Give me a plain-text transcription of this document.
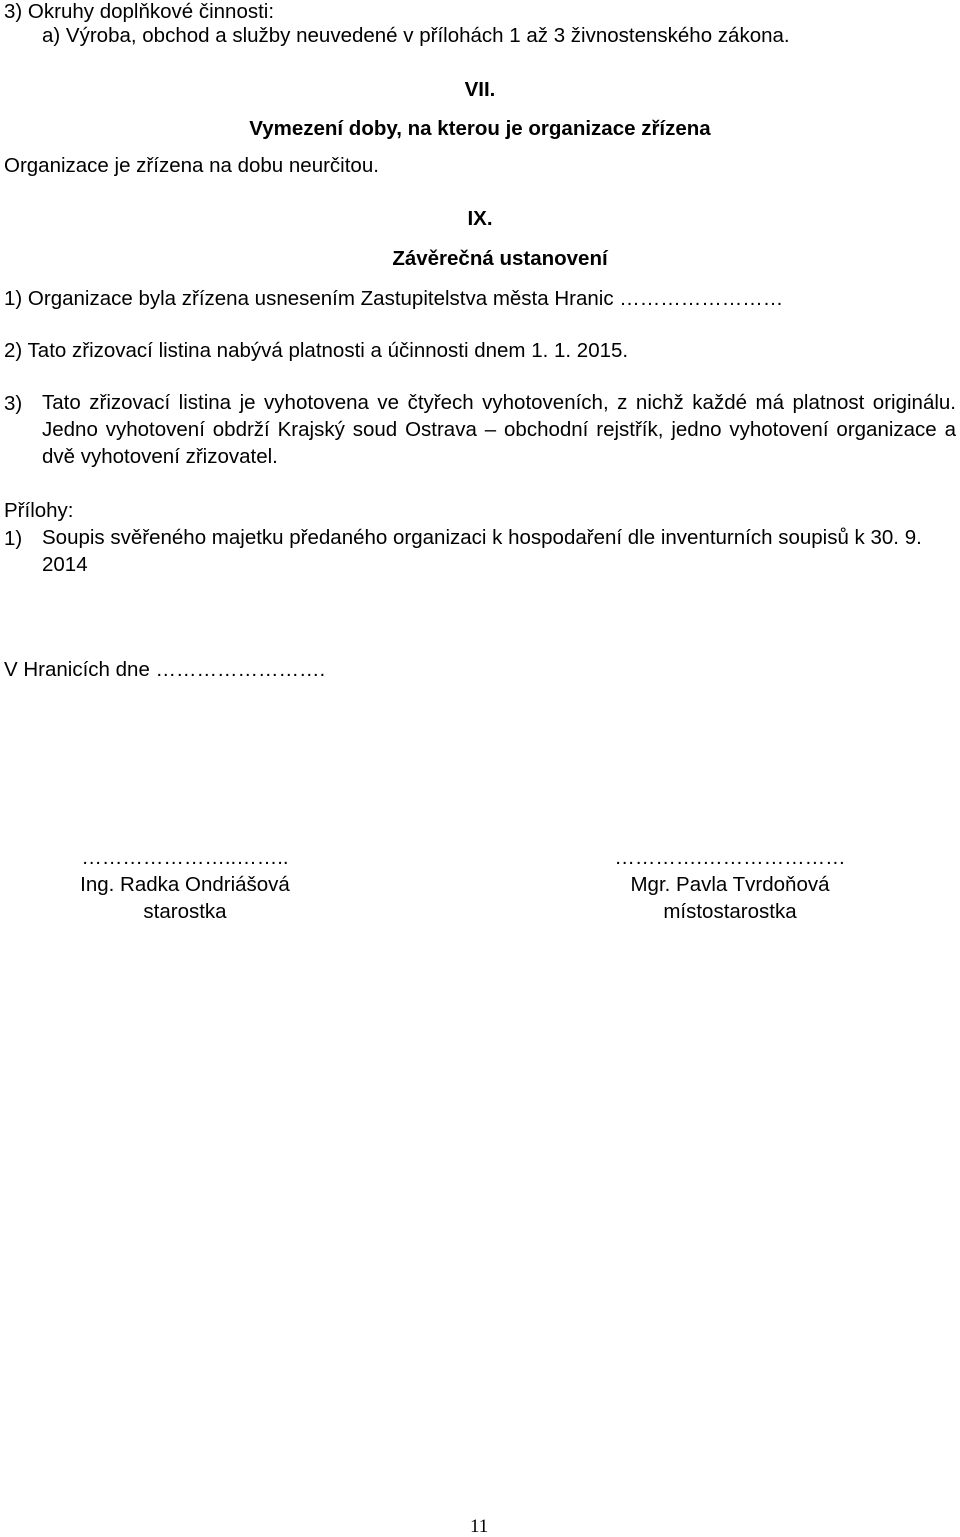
3) Okruhy doplňkové činnosti:
a) Výroba, obchod a služby neuvedené v přílohách 1 až 3 živnostenského zákona.
VII.
Vymezení doby, na kterou je organizace zřízena
Organizace je zřízena na dobu neurčitou.
IX.
Závěrečná ustanovení
1) Organizace byla zřízena usnesením Zastupitelstva města Hranic ……………………
2) Tato zřizovací listina nabývá platnosti a účinnosti dnem 1. 1. 2015.
3) Tato zřizovací listina je vyhotovena ve čtyřech vyhotoveních, z nichž každé má platnost originálu. Jedno vyhotovení obdrží Krajský soud Ostrava – obchodní rejstřík, jedno vyhotovení organizace a dvě vyhotovení zřizovatel.
Přílohy:
1) Soupis svěřeného majetku předaného organizaci k hospodaření dle inventurních soupisů k 30. 9. 2014
V Hranicích dne …………………….
…………………..……..
Ing. Radka Ondriášová
starostka
………….…………………
Mgr. Pavla Tvrdoňová
místostarostka
11
